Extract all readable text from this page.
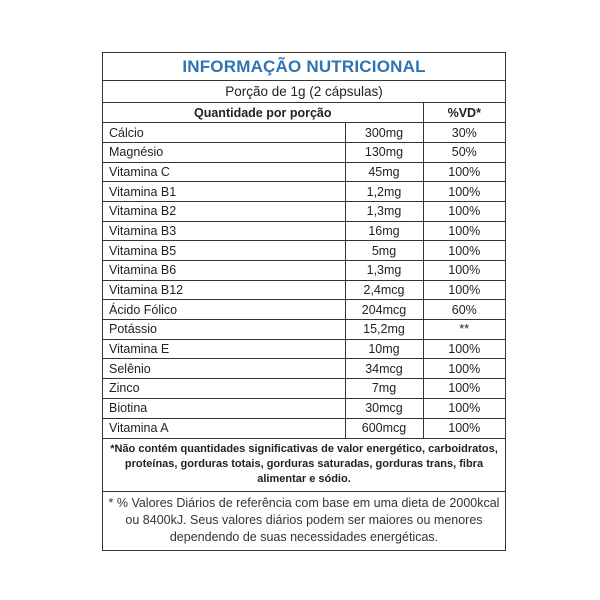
INFORMAÇÃO NUTRICIONAL
Porção de 1g (2 cápsulas)
Quantidade por porção		%VD*
Cálcio	300mg	30%
Magnésio	130mg	50%
Vitamina C	45mg	100%
Vitamina B1	1,2mg	100%
Vitamina B2	1,3mg	100%
Vitamina B3	16mg	100%
Vitamina B5	5mg	100%
Vitamina B6	1,3mg	100%
Vitamina B12	2,4mcg	100%
Ácido Fólico	204mcg	60%
Potássio	15,2mg	**
Vitamina E	10mg	100%
Selênio	34mcg	100%
Zinco	7mg	100%
Biotina	30mcg	100%
Vitamina A	600mcg	100%
*Não contém quantidades significativas de valor energético, carboidratos, proteínas, gorduras totais, gorduras saturadas, gorduras trans, fibra alimentar e sódio.
* % Valores Diários de referência com base em uma dieta de 2000kcal ou 8400kJ. Seus valores diários podem ser maiores ou menores dependendo de suas necessidades energéticas.
